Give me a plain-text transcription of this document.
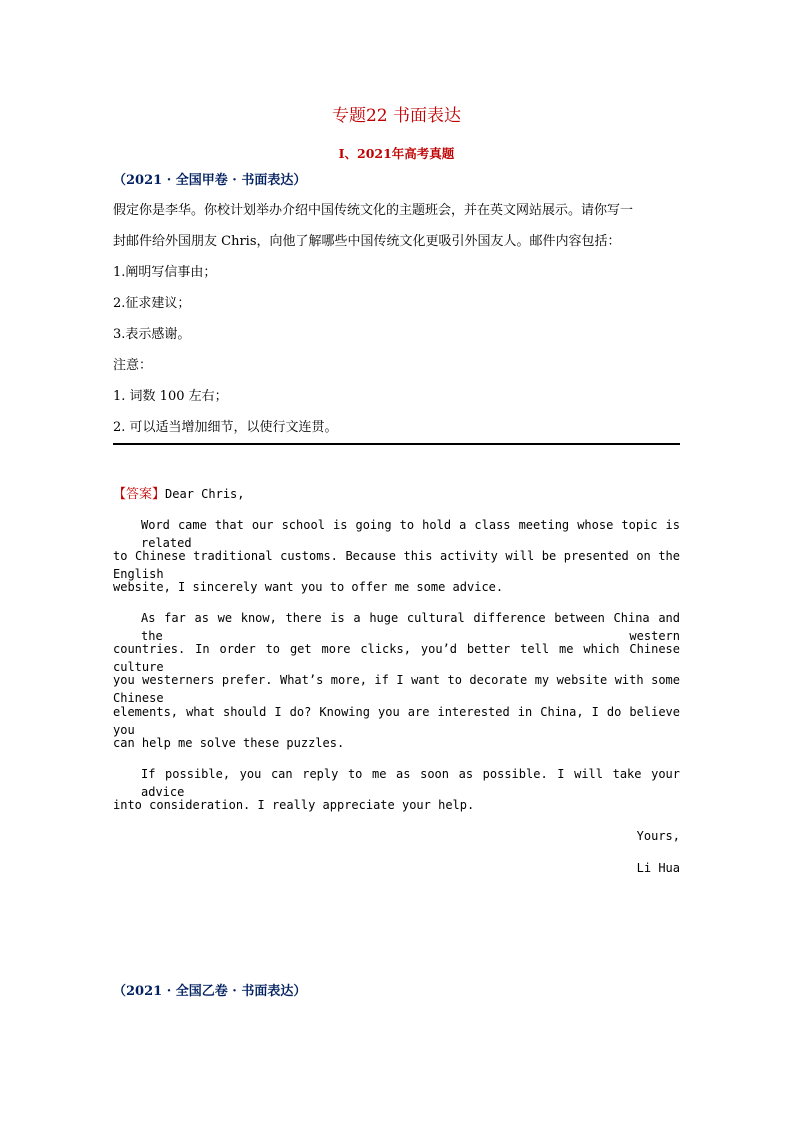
专题22 书面表达
I、2021年高考真题
（2021 · 全国甲卷 · 书面表达）
假定你是李华。你校计划举办介绍中国传统文化的主题班会，并在英文网站展示。请你写一
封邮件给外国朋友 Chris，向他了解哪些中国传统文化更吸引外国友人。邮件内容包括：
1.阐明写信事由；
2.征求建议；
3.表示感谢。
注意：
1. 词数 100 左右；
2. 可以适当增加细节，以使行文连贯。
【答案】Dear Chris,
Word came that our school is going to hold a class meeting whose topic is related
to Chinese traditional customs. Because this activity will be presented on the English
website, I sincerely want you to offer me some advice.
As far as we know, there is a huge cultural difference between China and the western
countries. In order to get more clicks, you’d better tell me which Chinese culture
you westerners prefer. What’s more, if I want to decorate my website with some Chinese
elements, what should I do? Knowing you are interested in China, I do believe you
can help me solve these puzzles.
If possible, you can reply to me as soon as possible. I will take your advice
into consideration. I really appreciate your help.
Yours,
Li Hua
（2021 · 全国乙卷 · 书面表达）
